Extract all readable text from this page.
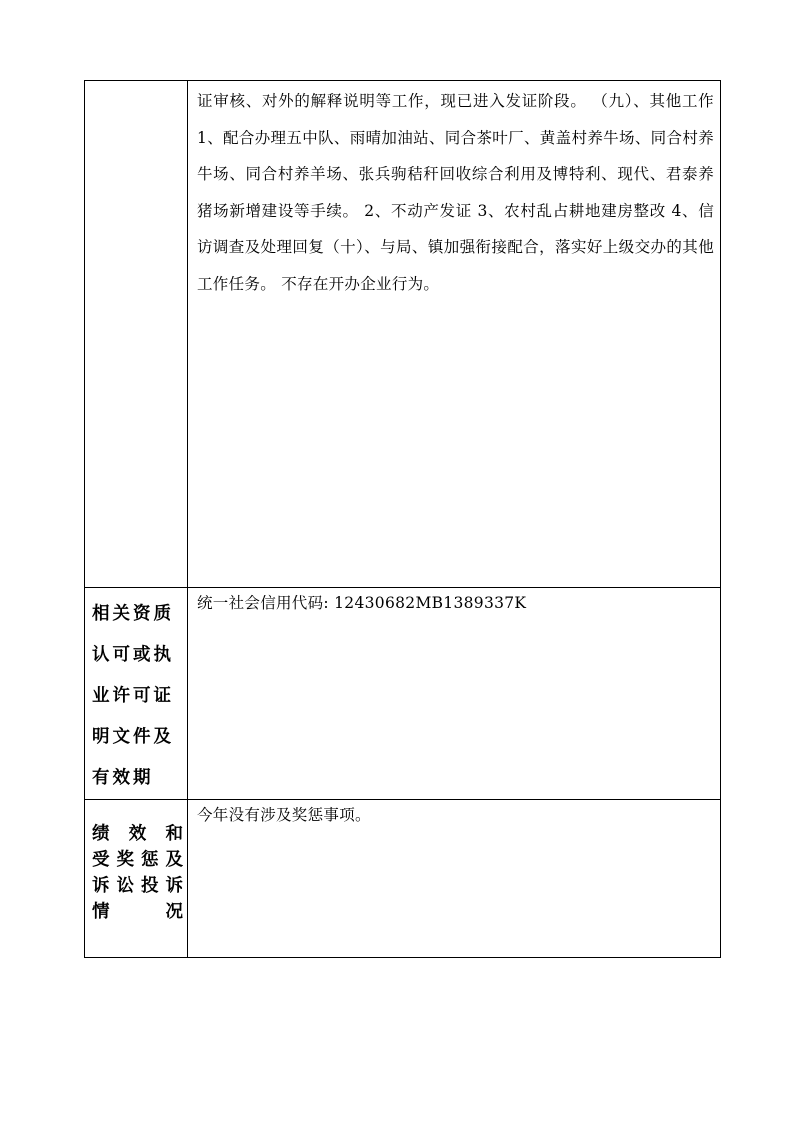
	证审核、对外的解释说明等工作，现已进入发证阶段。 （九）、其他工作 1、配合办理五中队、雨晴加油站、同合茶叶厂、黄盖村养牛场、同合村养牛场、同合村养羊场、张兵驹秸秆回收综合利用及博特利、现代、君泰养猪场新增建设等手续。 2、不动产发证 3、农村乱占耕地建房整改 4、信访调查及处理回复（十）、与局、镇加强衔接配合，落实好上级交办的其他工作任务。 不存在开办企业行为。

相关资质认可或执业许可证明文件及有效期	统一社会信用代码: 12430682MB1389337K

绩效和
受奖惩及
诉讼投诉
情况	今年没有涉及奖惩事项。
